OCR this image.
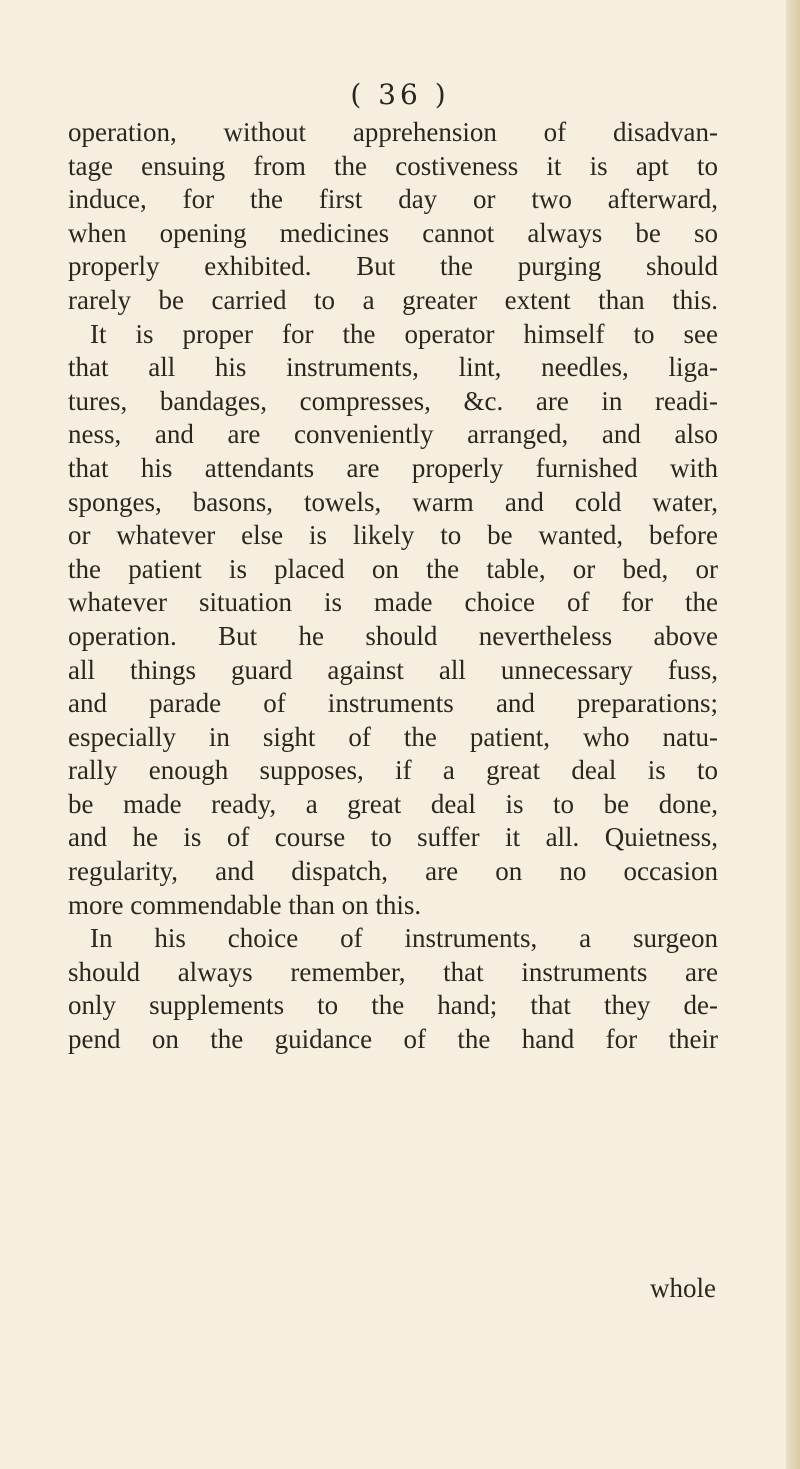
( 36 )
operation, without apprehension of disadvan-
tage ensuing from the costiveness it is apt to
induce, for the first day or two afterward,
when opening medicines cannot always be so
properly exhibited. But the purging should
rarely be carried to a greater extent than this.
It is proper for the operator himself to see
that all his instruments, lint, needles, liga-
tures, bandages, compresses, &c. are in readi-
ness, and are conveniently arranged, and also
that his attendants are properly furnished with
sponges, basons, towels, warm and cold water,
or whatever else is likely to be wanted, before
the patient is placed on the table, or bed, or
whatever situation is made choice of for the
operation. But he should nevertheless above
all things guard against all unnecessary fuss,
and parade of instruments and preparations;
especially in sight of the patient, who natu-
rally enough supposes, if a great deal is to
be made ready, a great deal is to be done,
and he is of course to suffer it all. Quietness,
regularity, and dispatch, are on no occasion
more commendable than on this.
In his choice of instruments, a surgeon
should always remember, that instruments are
only supplements to the hand; that they de-
pend on the guidance of the hand for their
whole
